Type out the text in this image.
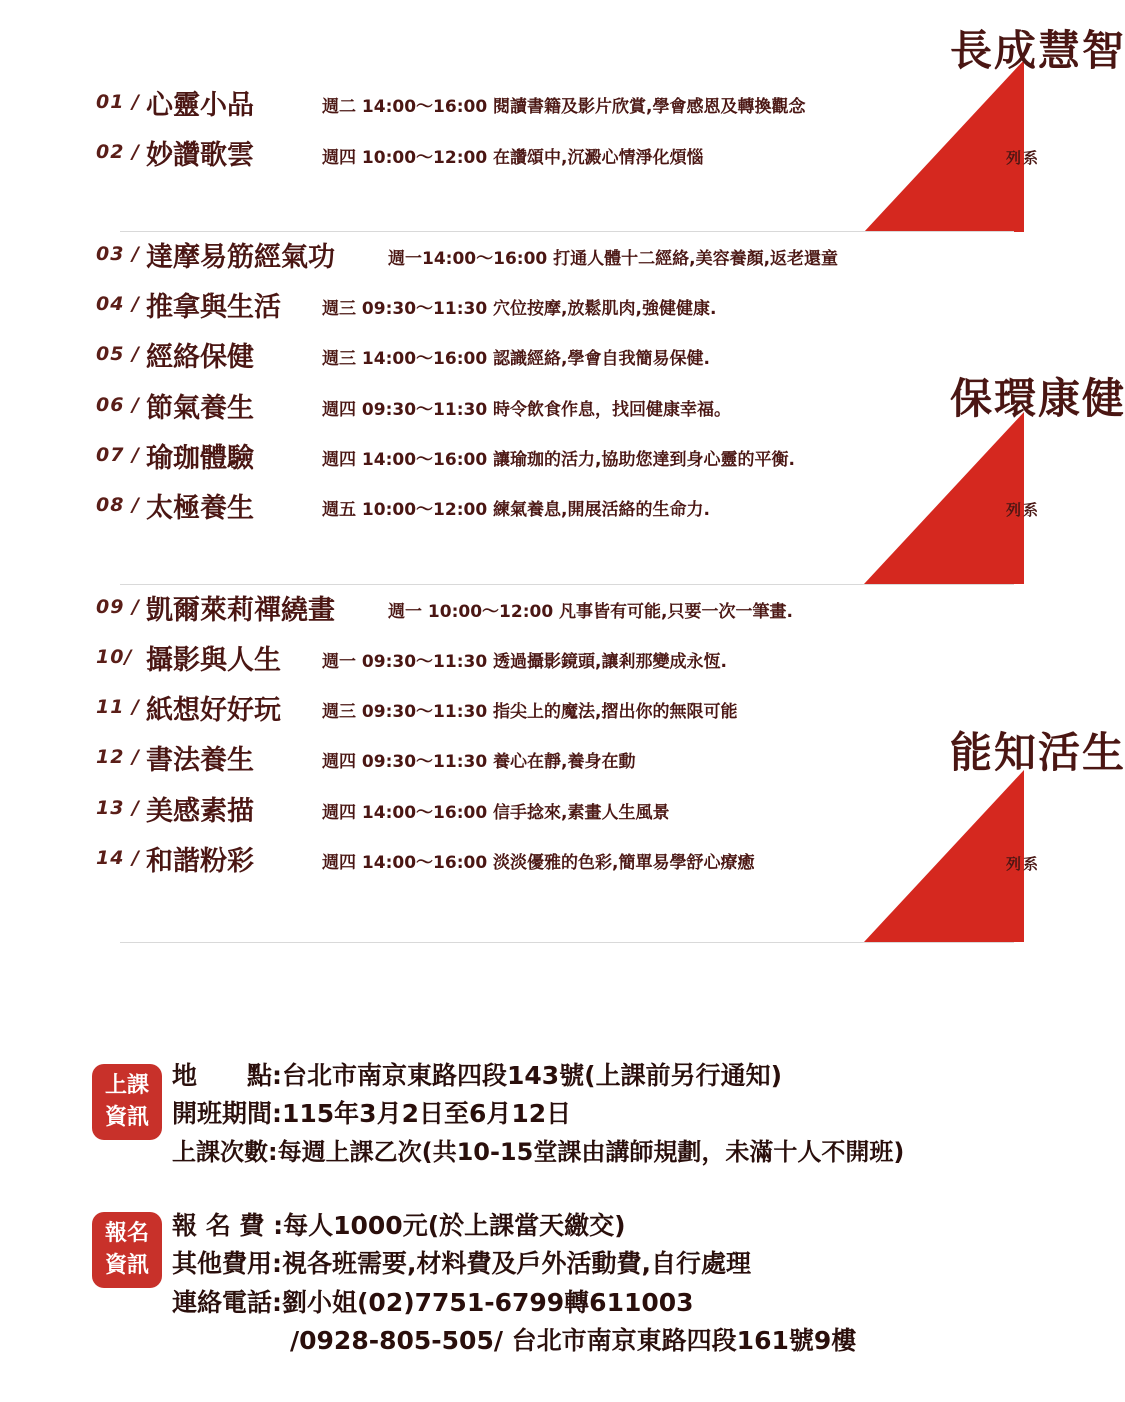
智慧成長
系列
01 / 心靈小品	週二 14:00～16:00 閱讀書籍及影片欣賞,學會感恩及轉換觀念
02 / 妙讚歌雲	週四 10:00～12:00 在讚頌中,沉澱心情淨化煩惱
健康環保
系列
03 / 達摩易筋經氣功	週一14:00～16:00 打通人體十二經絡,美容養顏,返老還童
04 / 推拿與生活 週三 09:30～11:30 穴位按摩,放鬆肌肉,強健健康.
05 / 經絡保健	週三 14:00～16:00 認識經絡,學會自我簡易保健.
06 / 節氣養生	週四 09:30～11:30 時令飲食作息，找回健康幸福。
07 / 瑜珈體驗	週四 14:00～16:00 讓瑜珈的活力,協助您達到身心靈的平衡.
08 / 太極養生	週五 10:00～12:00 練氣養息,開展活絡的生命力.
生活知能
系列
09 / 凱爾萊莉禪繞畫	週一 10:00～12:00 凡事皆有可能,只要一次一筆畫.
10/ 攝影與人生 週一 09:30～11:30 透過攝影鏡頭,讓剎那變成永恆.
11 / 紙想好好玩 週三 09:30～11:30 指尖上的魔法,摺出你的無限可能
12 / 書法養生	週四 09:30～11:30 養心在靜,養身在動
13 / 美感素描	週四 14:00～16:00 信手捻來,素畫人生風景
14 / 和諧粉彩	週四 14:00～16:00 淡淡優雅的色彩,簡單易學舒心療癒
上課
資訊
地　　點:台北市南京東路四段143號(上課前另行通知)
開班期間:115年3月2日至6月12日
上課次數:每週上課乙次(共10-15堂課由講師規劃，未滿十人不開班)
報名
資訊
報 名 費 :每人1000元(於上課當天繳交)
其他費用:視各班需要,材料費及戶外活動費,自行處理
連絡電話:劉小姐(02)7751-6799轉611003
/0928-805-505/ 台北市南京東路四段161號9樓
